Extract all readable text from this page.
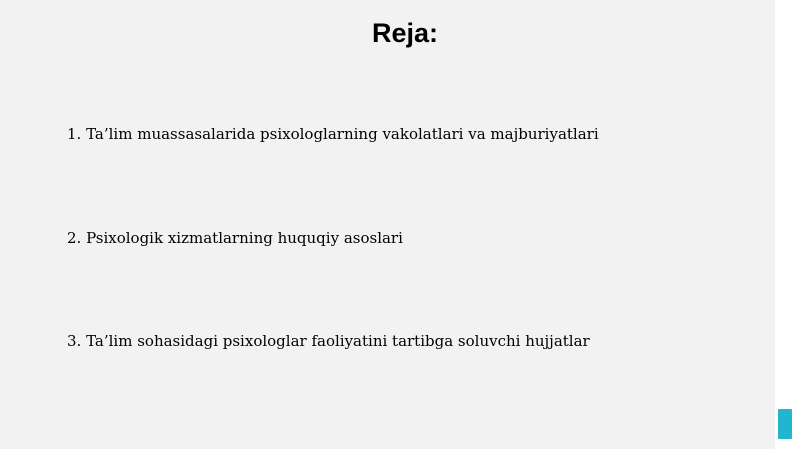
Reja:
1. Ta’lim muassasalarida psixologlarning vakolatlari va majburiyatlari
2. Psixologik xizmatlarning huquqiy asoslari
3. Ta’lim sohasidagi psixologlar faoliyatini tartibga soluvchi hujjatlar
